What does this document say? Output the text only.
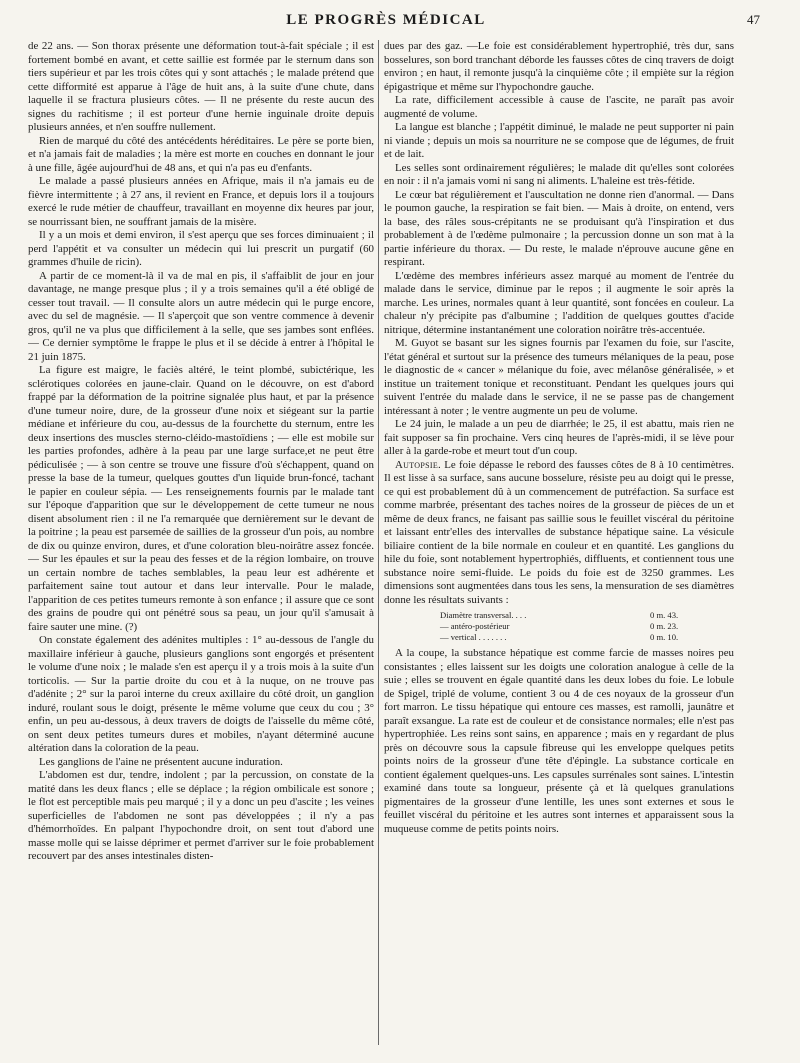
LE PROGRÈS MÉDICAL	47

de 22 ans. — Son thorax présente une déformation tout-à-fait spéciale ; il est fortement bombé en avant, et cette saillie est formée par le sternum dans son tiers supérieur et par les trois côtes qui y sont attachés ; le malade prétend que cette difformité est apparue à l'âge de huit ans, à la suite d'une chute, dans laquelle il se fractura plusieurs côtes. — Il ne présente du reste aucun des signes du rachitisme ; il est porteur d'une hernie inguinale droite depuis plusieurs années, et n'en souffre nullement.

Rien de marqué du côté des antécédents héréditaires. Le père se porte bien, et n'a jamais fait de maladies ; la mère est morte en couches en donnant le jour à une fille, âgée aujourd'hui de 48 ans, et qui n'a pas eu d'enfants.

Le malade a passé plusieurs années en Afrique, mais il n'a jamais eu de fièvre intermittente ; à 27 ans, il revient en France, et depuis lors il a toujours exercé le rude métier de chauffeur, travaillant en moyenne dix heures par jour, se nourrissant bien, ne souffrant jamais de la misère.

Il y a un mois et demi environ, il s'est aperçu que ses forces diminuaient ; il perd l'appétit et va consulter un médecin qui lui prescrit un purgatif (60 grammes d'huile de ricin).

A partir de ce moment-là il va de mal en pis, il s'affaiblit de jour en jour davantage, ne mange presque plus ; il y a trois semaines qu'il a été obligé de cesser tout travail. — Il consulte alors un autre médecin qui le purge encore, avec du sel de magnésie. — Il s'aperçoit que son ventre commence à devenir gros, qu'il ne va plus que difficilement à la selle, que ses jambes sont enflées. — Ce dernier symptôme le frappe le plus et il se décide à entrer à l'hôpital le 21 juin 1875.

La figure est maigre, le faciès altéré, le teint plombé, subictérique, les sclérotiques colorées en jaune-clair. Quand on le découvre, on est d'abord frappé par la déformation de la poitrine signalée plus haut, et par la présence d'une tumeur noire, dure, de la grosseur d'une noix et siégeant sur la partie médiane et inférieure du cou, au-dessus de la fourchette du sternum, entre les deux insertions des muscles sterno-cléido-mastoïdiens ; — elle est mobile sur les parties profondes, adhère à la peau par une large surface,et ne peut être pédiculisée ; — à son centre se trouve une fissure d'où s'échappent, quand on presse la base de la tumeur, quelques gouttes d'un liquide brun-foncé, tachant le papier en couleur sépia. — Les renseignements fournis par le malade tant sur l'époque d'apparition que sur le développement de cette tumeur ne nous disent absolument rien : il ne l'a remarquée que dernièrement sur le devant de la poitrine ; la peau est parsemée de saillies de la grosseur d'un pois, au nombre de dix ou quinze environ, dures, et d'une coloration bleu-noirâtre assez foncée. — Sur les épaules et sur la peau des fesses et de la région lombaire, on trouve un certain nombre de taches semblables, la peau leur est adhérente et parfaitement saine tout autour et dans leur intervalle. Pour le malade, l'apparition de ces petites tumeurs remonte à son enfance ; il assure que ce sont des grains de poudre qui ont pénétré sous sa peau, un jour qu'il s'amusait à faire sauter une mine. (?)

On constate également des adénites multiples : 1° au-dessous de l'angle du maxillaire inférieur à gauche, plusieurs ganglions sont engorgés et présentent le volume d'une noix ; le malade s'en est aperçu il y a trois mois à la suite d'un torticolis. — Sur la partie droite du cou et à la nuque, on ne trouve pas d'adénite ; 2° sur la paroi interne du creux axillaire du côté droit, un ganglion induré, roulant sous le doigt, présente le même volume que ceux du cou ; 3° enfin, un peu au-dessous, à deux travers de doigts de l'aisselle du même côté, on sent deux petites tumeurs dures et mobiles, n'ayant déterminé aucune altération dans la coloration de la peau.

Les ganglions de l'aine ne présentent aucune induration.

L'abdomen est dur, tendre, indolent ; par la percussion, on constate de la matité dans les deux flancs ; elle se déplace ; la région ombilicale est sonore ; le flot est perceptible mais peu marqué ; il y a donc un peu d'ascite ; les veines superficielles de l'abdomen ne sont pas développées ; il n'y a pas d'hémorrhoïdes. En palpant l'hypochondre droit, on sent tout d'abord une masse molle qui se laisse déprimer et permet d'arriver sur le foie probablement recouvert par des anses intestinales disten-

dues par des gaz. —Le foie est considérablement hypertrophié, très dur, sans bosselures, son bord tranchant déborde les fausses côtes de cinq travers de doigt environ ; en haut, il remonte jusqu'à la cinquième côte ; il empiète sur la région épigastrique et même sur l'hypochondre gauche.

La rate, difficilement accessible à cause de l'ascite, ne paraît pas avoir augmenté de volume.

La langue est blanche ; l'appétit diminué, le malade ne peut supporter ni pain ni viande ; depuis un mois sa nourriture ne se compose que de légumes, de fruit et de lait.

Les selles sont ordinairement régulières; le malade dit qu'elles sont colorées en noir : il n'a jamais vomi ni sang ni aliments. L'haleine est très-fétide.

Le cœur bat régulièrement et l'auscultation ne donne rien d'anormal. — Dans le poumon gauche, la respiration se fait bien. — Mais à droite, on entend, vers la base, des râles sous-crépitants ne se produisant qu'à l'inspiration et dus probablement à de l'œdème pulmonaire ; la percussion donne un son mat à la partie inférieure du thorax. — Du reste, le malade n'éprouve aucune gêne en respirant.

L'œdème des membres inférieurs assez marqué au moment de l'entrée du malade dans le service, diminue par le repos ; il augmente le soir après la marche. Les urines, normales quant à leur quantité, sont foncées en couleur. La chaleur n'y précipite pas d'albumine ; l'addition de quelques gouttes d'acide nitrique, détermine instantanément une coloration noirâtre très-accentuée.

M. Guyot se basant sur les signes fournis par l'examen du foie, sur l'ascite, l'état général et surtout sur la présence des tumeurs mélaniques de la peau, pose le diagnostic de « cancer » mélanique du foie, avec mélanôse généralisée, » et institue un traitement tonique et reconstituant. Pendant les quelques jours qui suivent l'entrée du malade dans le service, il ne se passe pas de changement intéressant à noter ; le ventre augmente un peu de volume.

Le 24 juin, le malade a un peu de diarrhée; le 25, il est abattu, mais rien ne fait supposer sa fin prochaine. Vers cinq heures de l'après-midi, il se lève pour aller à la garde-robe et meurt tout d'un coup.

Autopsie. Le foie dépasse le rebord des fausses côtes de 8 à 10 centimètres. Il est lisse à sa surface, sans aucune bosselure, résiste peu au doigt qui le presse, ce qui est probablement dû à un commencement de putréfaction. Sa surface est comme marbrée, présentant des taches noires de la grosseur de pièces de un et même de deux francs, ne faisant pas saillie sous le feuillet viscéral du péritoine et laissant entr'elles des intervalles de substance hépatique saine. La vésicule biliaire contient de la bile normale en couleur et en quantité. Les ganglions du hile du foie, sont notablement hypertrophiés, diffluents, et contiennent tous une substance noire semi-fluide. Le poids du foie est de 3250 grammes. Les dimensions sont augmentées dans tous les sens, la mensuration de ses diamètres donne les résultats suivants :

Diamètre transversal. . . .	0 m. 43.
— antéro-postérieur	0 m. 23.
— vertical . . . . . . .	0 m. 10.

A la coupe, la substance hépatique est comme farcie de masses noires peu consistantes ; elles laissent sur les doigts une coloration analogue à celle de la suie ; elles se trouvent en égale quantité dans les deux lobes du foie. Le lobule de Spigel, triplé de volume, contient 3 ou 4 de ces noyaux de la grosseur d'un fort marron. Le tissu hépatique qui entoure ces masses, est ramolli, jaunâtre et paraît exsangue. La rate est de couleur et de consistance normales; elle n'est pas hypertrophiée. Les reins sont sains, en apparence ; mais en y regardant de plus près on découvre sous la capsule fibreuse qui les enveloppe quelques petits points noirs de la grosseur d'une tête d'épingle. La substance corticale en contient également quelques-uns. Les capsules surrénales sont saines. L'intestin examiné dans toute sa longueur, présente çà et là quelques granulations pigmentaires de la grosseur d'une lentille, les unes sont externes et sous le feuillet viscéral du péritoine et les autres sont internes et apparaissent sous la muqueuse comme de petits points noirs.
